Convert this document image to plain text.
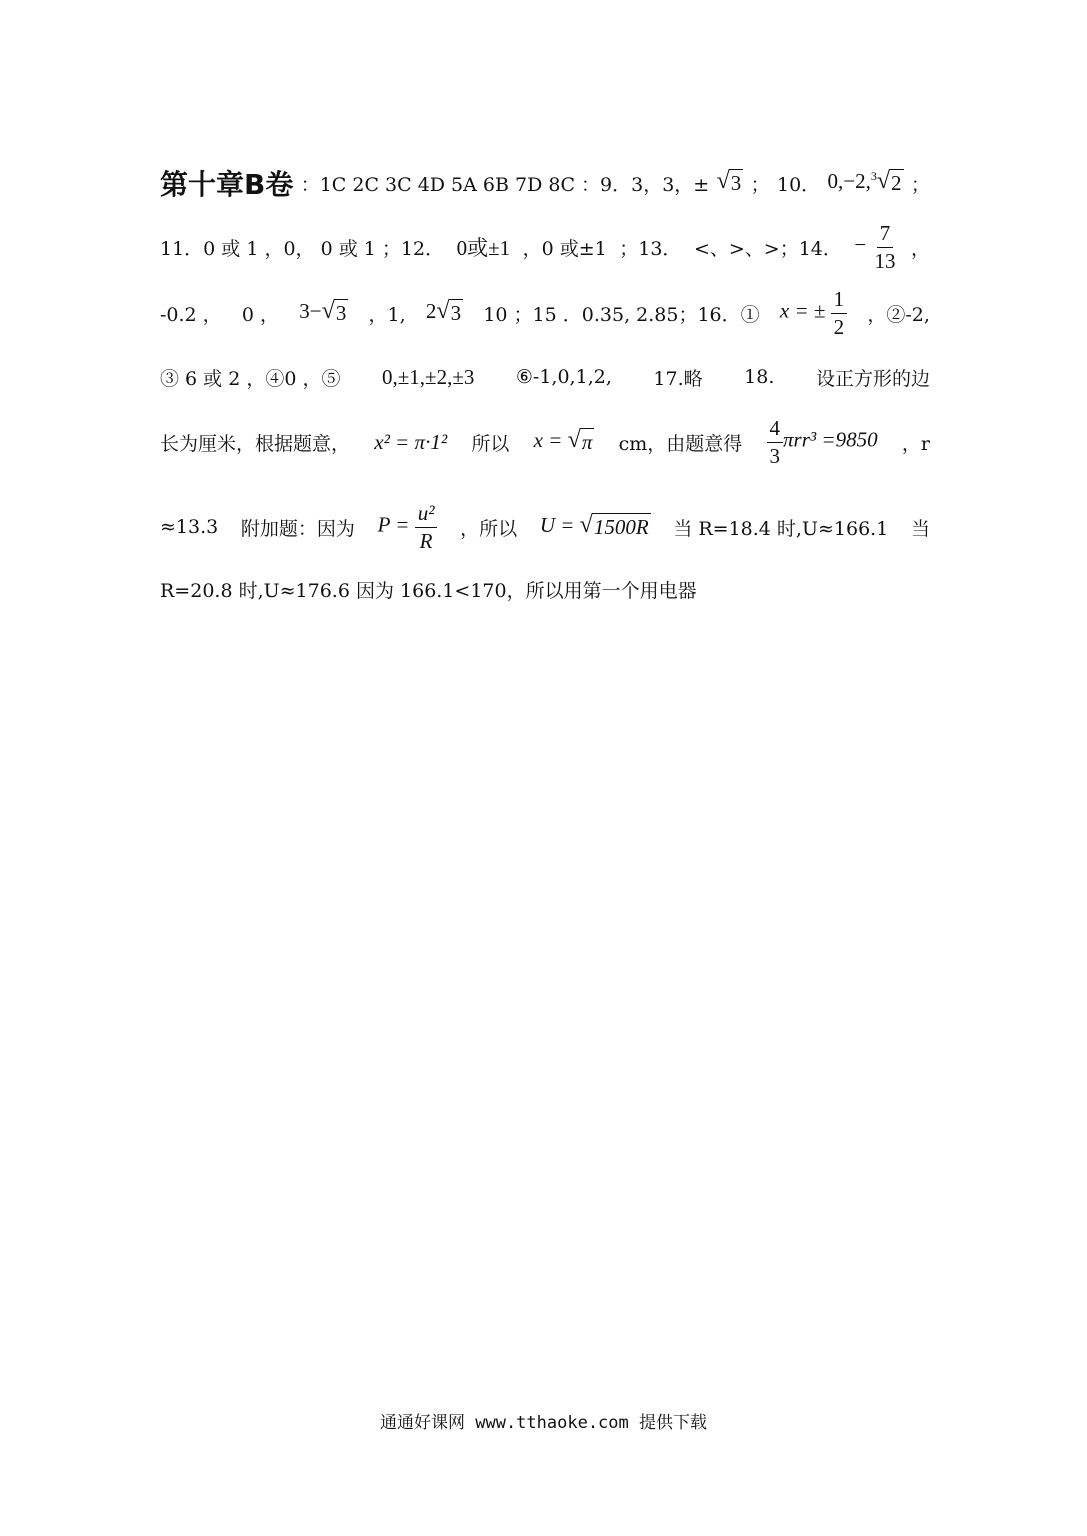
第十章B卷 ：1C 2C 3C 4D 5A 6B 7D 8C ：9．3，3，± √ 3 ； 10． 0,−2,$^3$ √ 2 ；
11．0 或 1 ，0， 0 或 1 ；12． 0或±1 ，0 或±1 ；13． <、>、>；14． − $\frac{7}{13}$ ，
-0.2 ， 0 ， 3− √ 3 ，1, 2 √ 3 10 ；15 ．0.35, 2.85；16．① x = ± $\frac{1}{2}$ ，②-2,
③ 6 或 2 ，④0 ，⑤ 0,±1,±2,±3 ⑥-1,0,1,2, 17.略 18. 设正方形的边
长为厘米，根据题意， x² = π·1² 所以 x = √ π cm，由题意得 $\frac{4}{3} \pi rr^3 =9850$ ，r
≈13.3 附加题：因为 $P = \frac{\text{u²}}{R}$ ，所以 U = √ 1500R 当 R=18.4 时,U≈166.1 当
R=20.8 时,U≈176.6 因为 166.1<170，所以用第一个用电器
通通好课网 www.tthaoke.com 提供下载
